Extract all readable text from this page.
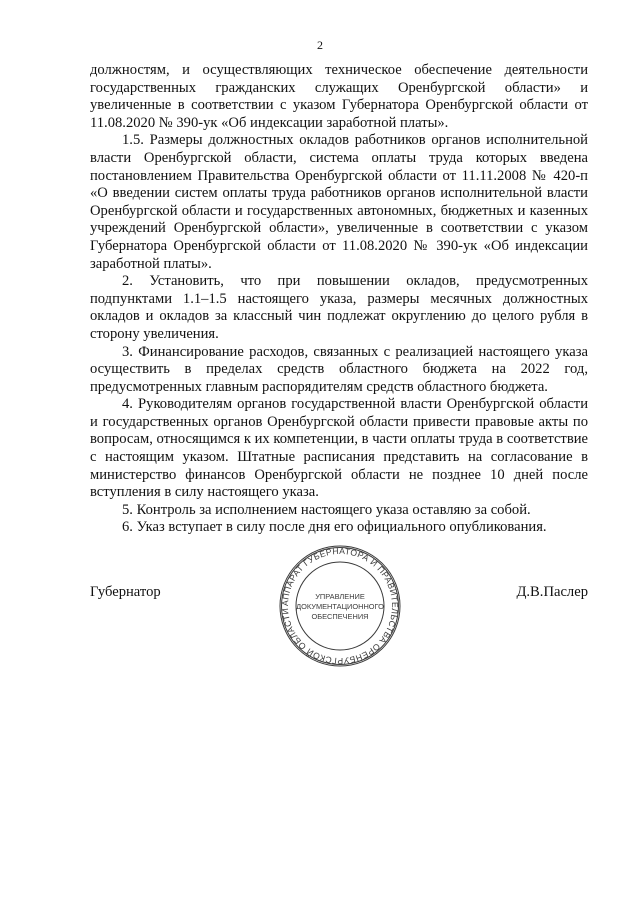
2

должностям, и осуществляющих техническое обеспечение деятельности государственных гражданских служащих Оренбургской области» и увеличенные в соответствии с указом Губернатора Оренбургской области от 11.08.2020 № 390-ук «Об индексации заработной платы».

1.5. Размеры должностных окладов работников органов исполнительной власти Оренбургской области, система оплаты труда которых введена постановлением Правительства Оренбургской области от 11.11.2008 № 420-п «О введении систем оплаты труда работников органов исполнительной власти Оренбургской области и государственных автономных, бюджетных и казенных учреждений Оренбургской области», увеличенные в соответствии с указом Губернатора Оренбургской области от 11.08.2020 № 390-ук «Об индексации заработной платы».

2. Установить, что при повышении окладов, предусмотренных подпунктами 1.1–1.5 настоящего указа, размеры месячных должностных окладов и окладов за классный чин подлежат округлению до целого рубля в сторону увеличения.

3. Финансирование расходов, связанных с реализацией настоящего указа осуществить в пределах средств областного бюджета на 2022 год, предусмотренных главным распорядителям средств областного бюджета.

4. Руководителям органов государственной власти Оренбургской области и государственных органов Оренбургской области привести правовые акты по вопросам, относящимся к их компетенции, в части оплаты труда в соответствие с настоящим указом. Штатные расписания представить на согласование в министерство финансов Оренбургской области не позднее 10 дней после вступления в силу настоящего указа.

5. Контроль за исполнением настоящего указа оставляю за собой.

6. Указ вступает в силу после дня его официального опубликования.

Губернатор
АППАРАТ ГУБЕРНАТОРА И ПРАВИТЕЛЬСТВА ОРЕНБУРГСКОЙ ОБЛАСТИ
УПРАВЛЕНИЕ
ДОКУМЕНТАЦИОННОГО
ОБЕСПЕЧЕНИЯ
Д.В.Паслер
